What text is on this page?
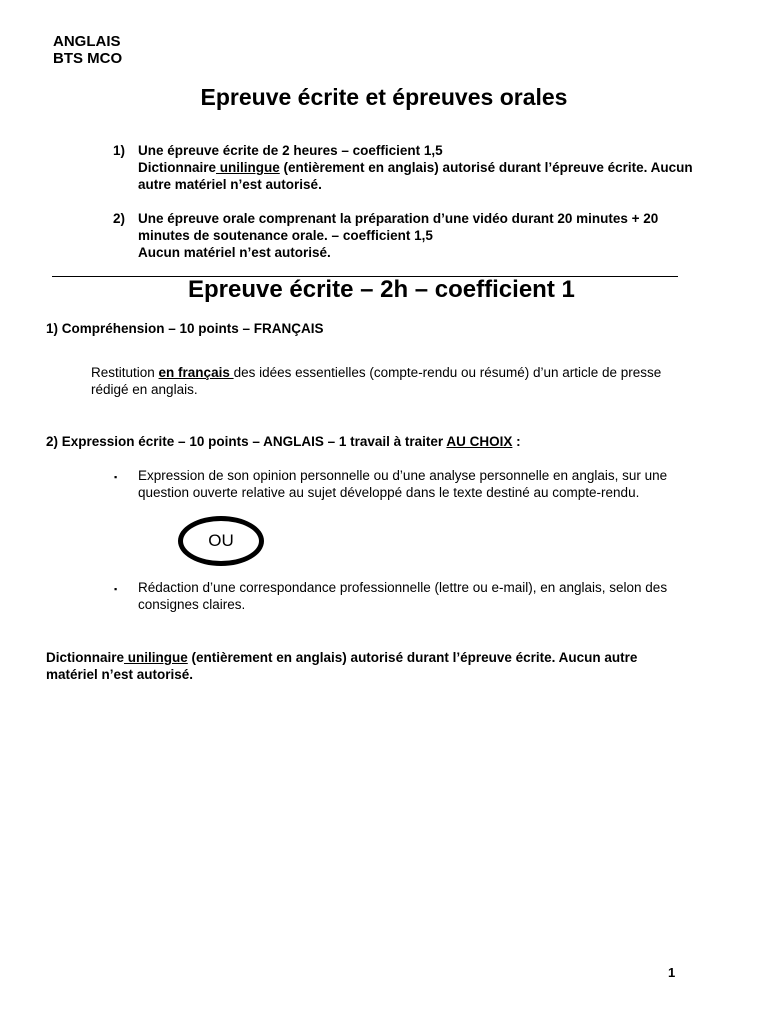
ANGLAIS
BTS MCO
Epreuve écrite et épreuves orales
1) Une épreuve écrite de 2 heures – coefficient 1,5
Dictionnaire unilingue (entièrement en anglais) autorisé durant l’épreuve écrite. Aucun autre matériel n’est autorisé.
2) Une épreuve orale comprenant la préparation d’une vidéo durant 20 minutes + 20 minutes de soutenance orale. – coefficient 1,5
Aucun matériel n’est autorisé.
Epreuve écrite – 2h – coefficient 1
1) Compréhension – 10 points – FRANÇAIS
Restitution en français des idées essentielles (compte-rendu ou résumé) d’un article de presse rédigé en anglais.
2) Expression écrite – 10 points – ANGLAIS – 1 travail à traiter AU CHOIX :
▪	Expression de son opinion personnelle ou d’une analyse personnelle en anglais, sur une question ouverte relative au sujet développé dans le texte destiné au compte-rendu.
OU
▪	Rédaction d’une correspondance professionnelle (lettre ou e-mail), en anglais, selon des consignes claires.
Dictionnaire unilingue (entièrement en anglais) autorisé durant l’épreuve écrite. Aucun autre matériel n’est autorisé.
1
